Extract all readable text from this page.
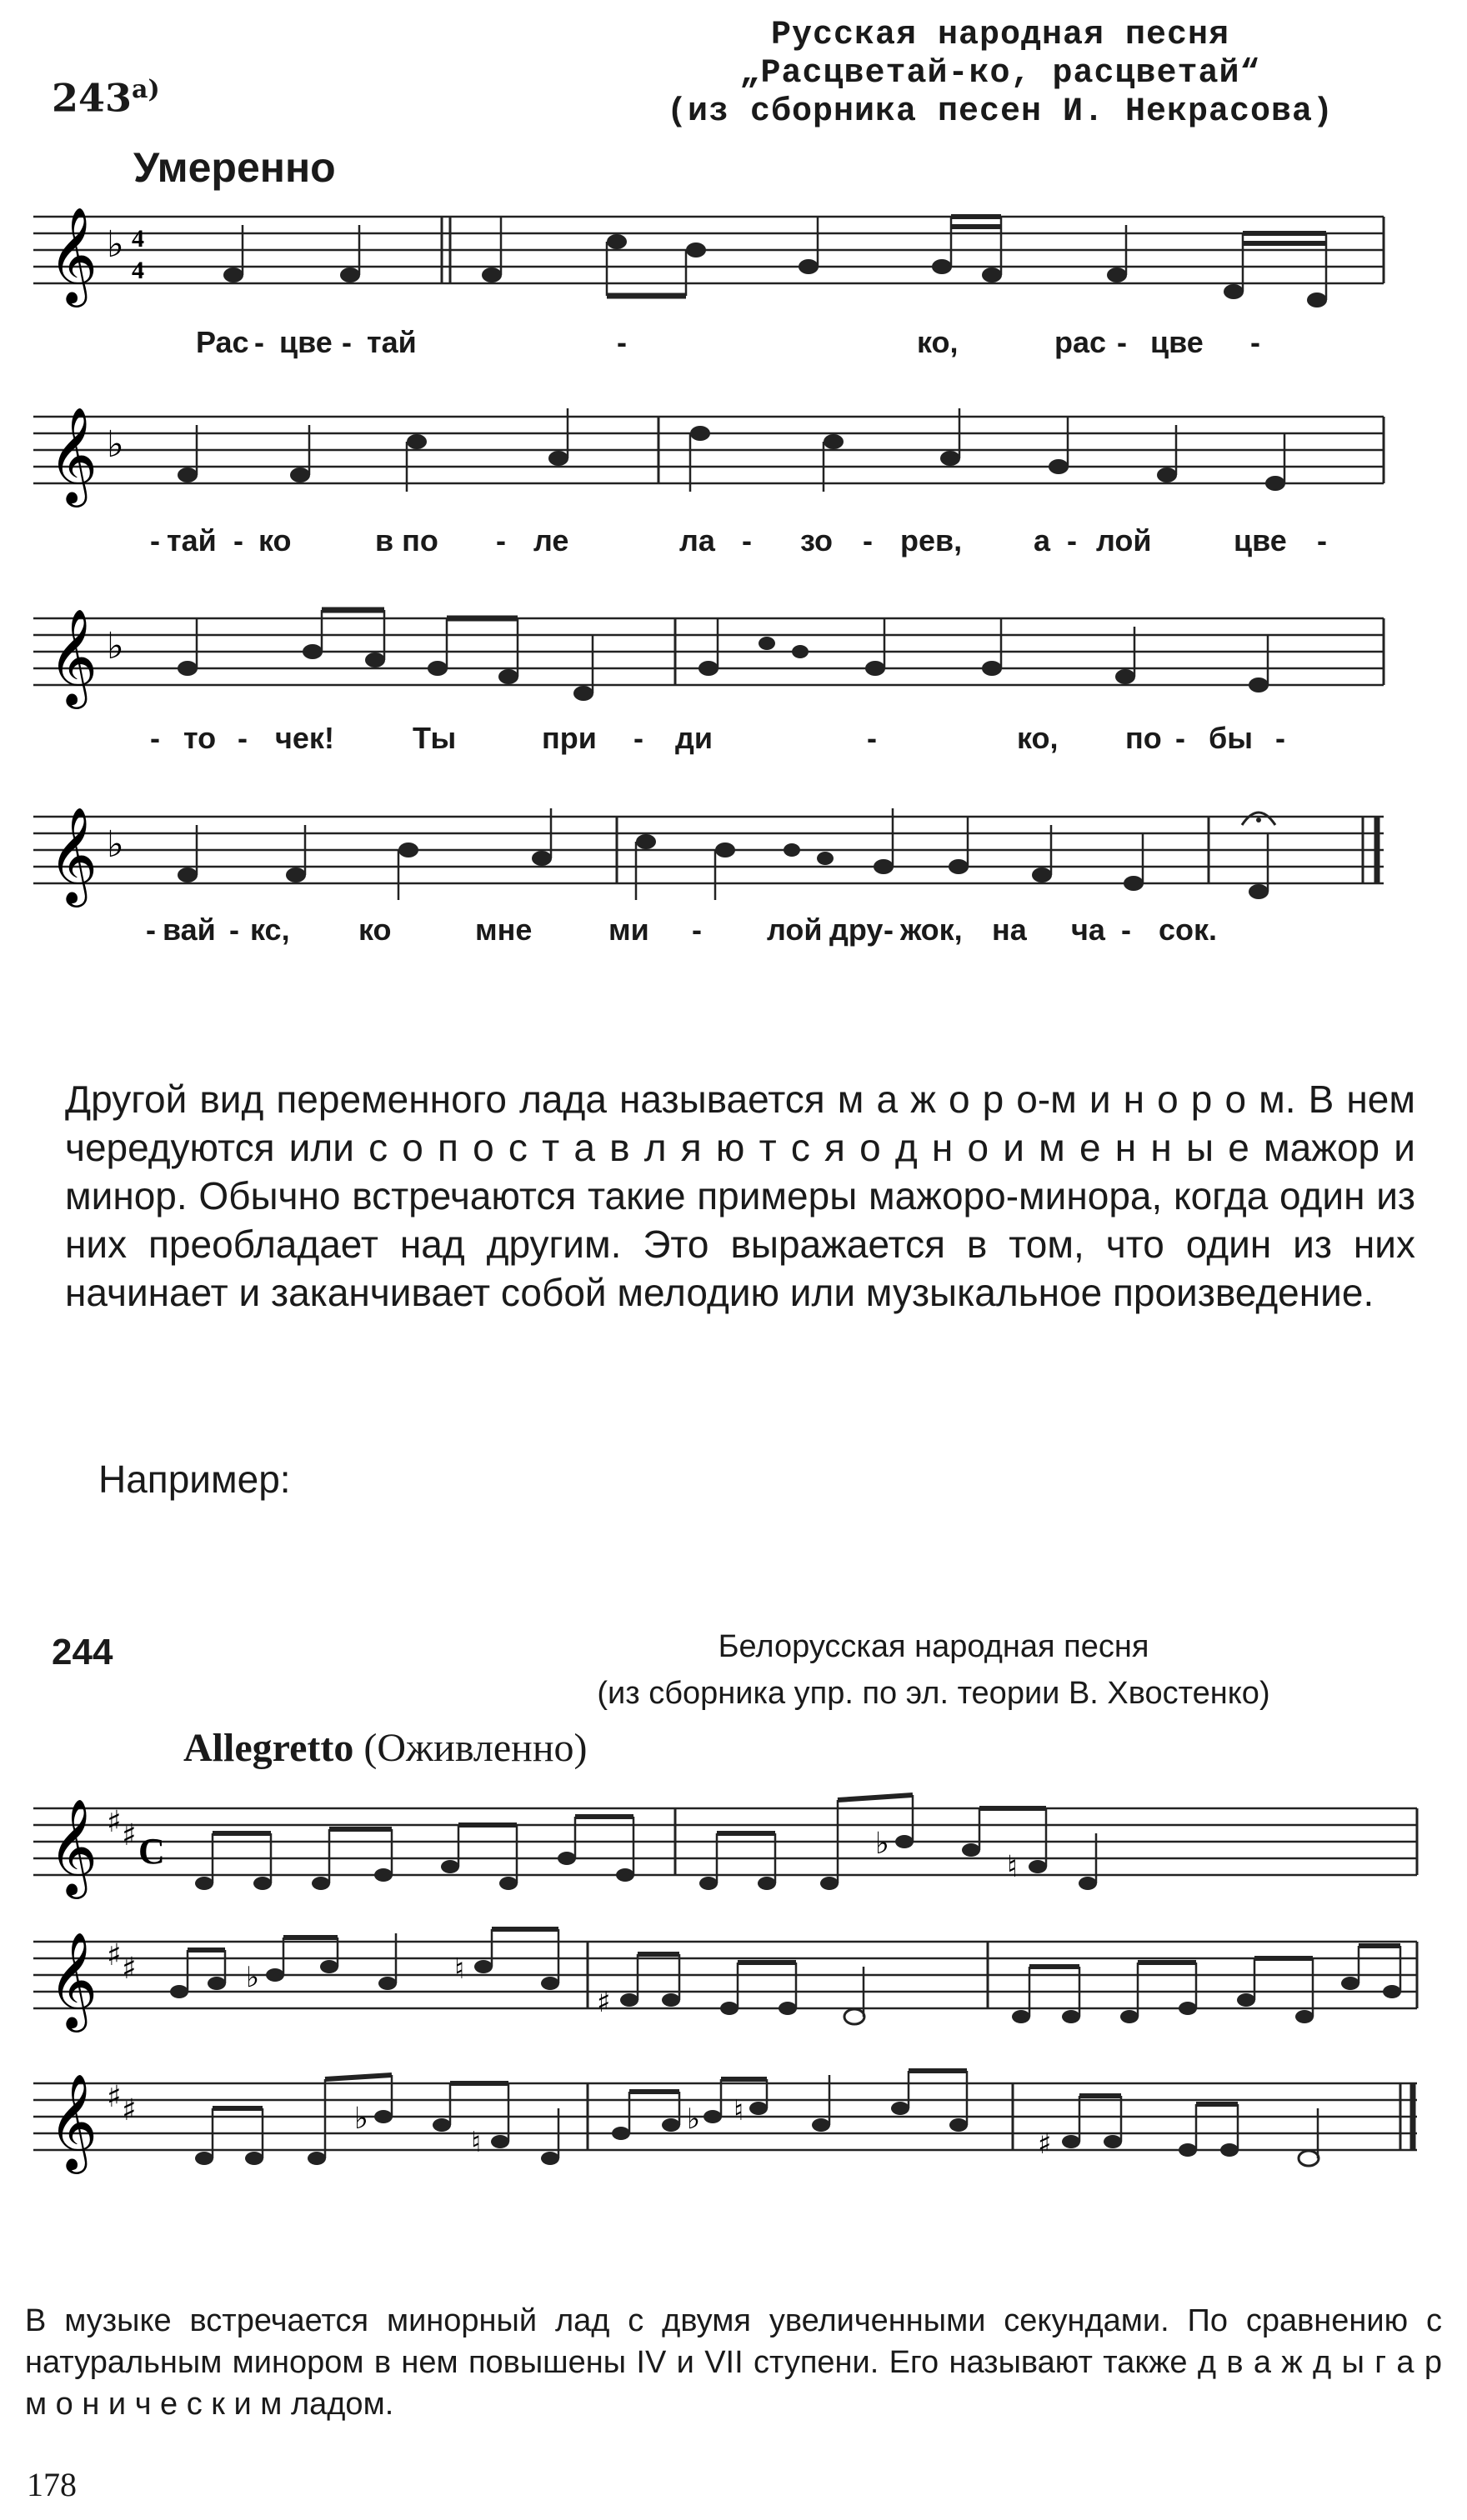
$243^{а)}$
Русская народная песня
„Расцветай-ко, расцветай“
(из сборника песен И. Некрасова)
Умеренно
𝄞 ♭ 4
4
Рас - цве - тай	-	ко,	рас - цве -
𝄞 ♭
- тай - ко	в по - ле	ла - зо - рев, а - лой	цве -
𝄞 ♭
- то - чек!	Ты	при - ди	-	ко, по - бы -
𝄞 ♭
- вай - кс, ко	мне	ми - лой дру - жок, на ча - сок.

Другой вид переменного лада называется м а ж о р о-м и н о р о м. В нем чередуются или с о п о с т а в л я ю т с я о д н о и м е н н ы е мажор и минор. Обычно встречаются такие примеры мажоро-минора, когда один из них преобладает над другим. Это выражается в том, что один из них начинает и заканчивает собой мелодию или музыкальное произведение.

Например:
244	Белорусская народная песня
(из сборника упр. по эл. теории В. Хвостенко)
Allegretto (Оживленно)
𝄞 ♯ ♯ C	♭
♮
𝄞 ♯ ♯	♭	♮
♯
𝄞 ♯ ♯	♭
♮
♭ ♮
♯
В музыке встречается минорный лад с двумя увеличенными секундами. По сравнению с натуральным минором в нем повышены IV и VII ступени. Его называют также д в а ж д ы г а р м о н и ч е с к и м ладом.
178
